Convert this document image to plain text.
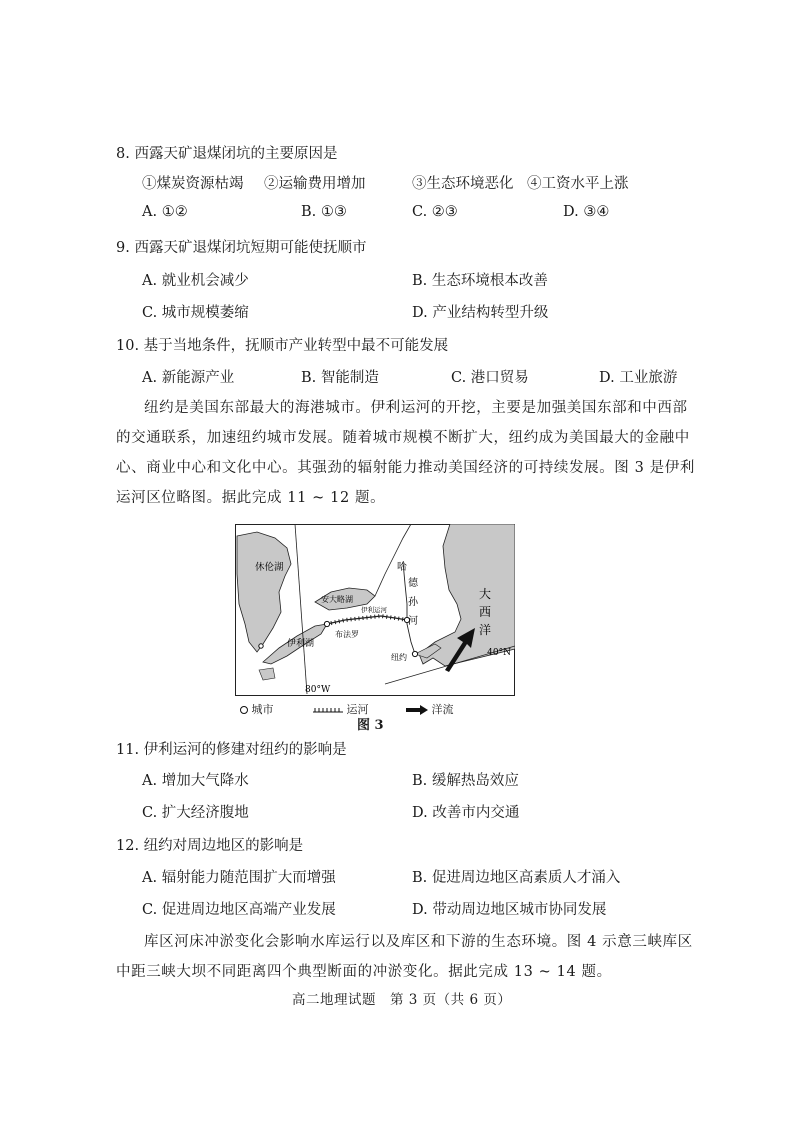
8. 西露天矿退煤闭坑的主要原因是
①煤炭资源枯竭 ②运输费用增加	③生态环境恶化 ④工资水平上涨
A. ①②	B. ①③	C. ②③	D. ③④
9. 西露天矿退煤闭坑短期可能使抚顺市
A. 就业机会减少	B. 生态环境根本改善
C. 城市规模萎缩	D. 产业结构转型升级
10. 基于当地条件，抚顺市产业转型中最不可能发展
A. 新能源产业	B. 智能制造	C. 港口贸易	D. 工业旅游
纽约是美国东部最大的海港城市。伊利运河的开挖，主要是加强美国东部和中西部的交通联系，加速纽约城市发展。随着城市规模不断扩大，纽约成为美国最大的金融中心、商业中心和文化中心。其强劲的辐射能力推动美国经济的可持续发展。图 3 是伊利运河区位略图。据此完成 11 ~ 12 题。
休伦湖
安大略湖
伊利运河
布法罗
伊利湖
纽约
哈
德
孙
河
大
西
洋
40°N
80°W
城市	运河	洋流
图 3
11. 伊利运河的修建对纽约的影响是
A. 增加大气降水	B. 缓解热岛效应
C. 扩大经济腹地	D. 改善市内交通
12. 纽约对周边地区的影响是
A. 辐射能力随范围扩大而增强	B. 促进周边地区高素质人才涌入
C. 促进周边地区高端产业发展	D. 带动周边地区城市协同发展
库区河床冲淤变化会影响水库运行以及库区和下游的生态环境。图 4 示意三峡库区中距三峡大坝不同距离四个典型断面的冲淤变化。据此完成 13 ~ 14 题。
高二地理试题　第 3 页（共 6 页）
